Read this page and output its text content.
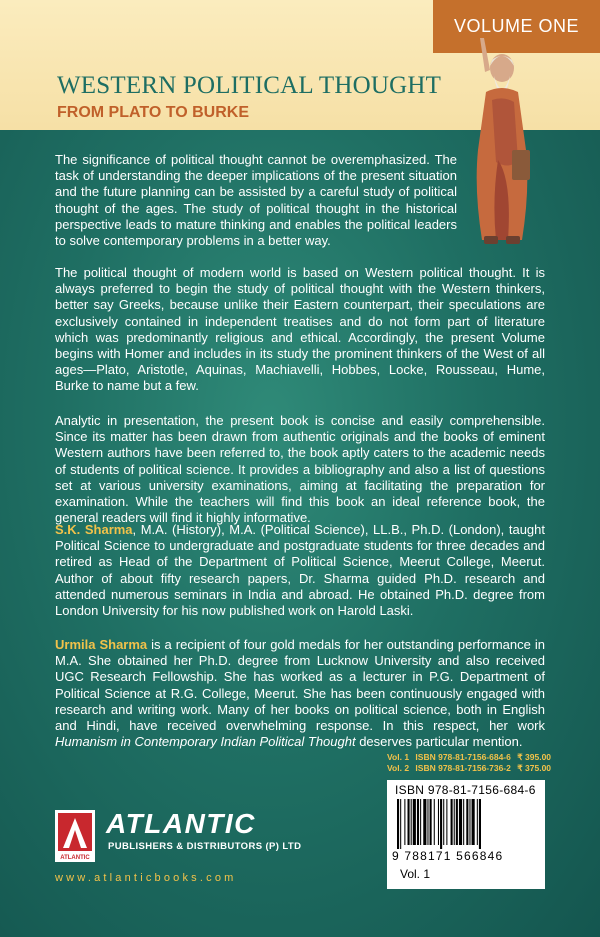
VOLUME ONE
WESTERN POLITICAL THOUGHT
FROM PLATO TO BURKE

The significance of political thought cannot be overemphasized. The task of understanding the deeper implications of the present situation and the future planning can be assisted by a careful study of political thought of the ages. The study of political thought in the historical perspective leads to mature thinking and enables the political leaders to solve contemporary problems in a better way.

The political thought of modern world is based on Western political thought. It is always preferred to begin the study of political thought with the Western thinkers, better say Greeks, because unlike their Eastern counterpart, their speculations are exclusively contained in independent treatises and do not form part of literature which was predominantly religious and ethical. Accordingly, the present Volume begins with Homer and includes in its study the prominent thinkers of the West of all ages—Plato, Aristotle, Aquinas, Machiavelli, Hobbes, Locke, Rousseau, Hume, Burke to name but a few.

Analytic in presentation, the present book is concise and easily comprehensible. Since its matter has been drawn from authentic originals and the books of eminent Western authors have been referred to, the book aptly caters to the academic needs of students of political science. It provides a bibliography and also a list of questions set at various university examinations, aiming at facilitating the preparation for examination. While the teachers will find this book an ideal reference book, the general readers will find it highly informative.

S.K. Sharma, M.A. (History), M.A. (Political Science), LL.B., Ph.D. (London), taught Political Science to undergraduate and postgraduate students for three decades and retired as Head of the Department of Political Science, Meerut College, Meerut. Author of about fifty research papers, Dr. Sharma guided Ph.D. research and attended numerous seminars in India and abroad. He obtained Ph.D. degree from London University for his now published work on Harold Laski.

Urmila Sharma is a recipient of four gold medals for her outstanding performance in M.A. She obtained her Ph.D. degree from Lucknow University and also received UGC Research Fellowship. She has worked as a lecturer in P.G. Department of Political Science at R.G. College, Meerut. She has been continuously engaged with research and writing work. Many of her books on political science, both in English and Hindi, have received overwhelming response. In this respect, her work Humanism in Contemporary Indian Political Thought deserves particular mention.

Vol. 1 ISBN 978-81-7156-684-6 ₹ 395.00
Vol. 2 ISBN 978-81-7156-736-2 ₹ 375.00
ISBN 978-81-7156-684-6
9 788171 566846
Vol. 1
ATLANTIC
ATLANTIC
PUBLISHERS & DISTRIBUTORS (P) LTD
www.atlanticbooks.com
